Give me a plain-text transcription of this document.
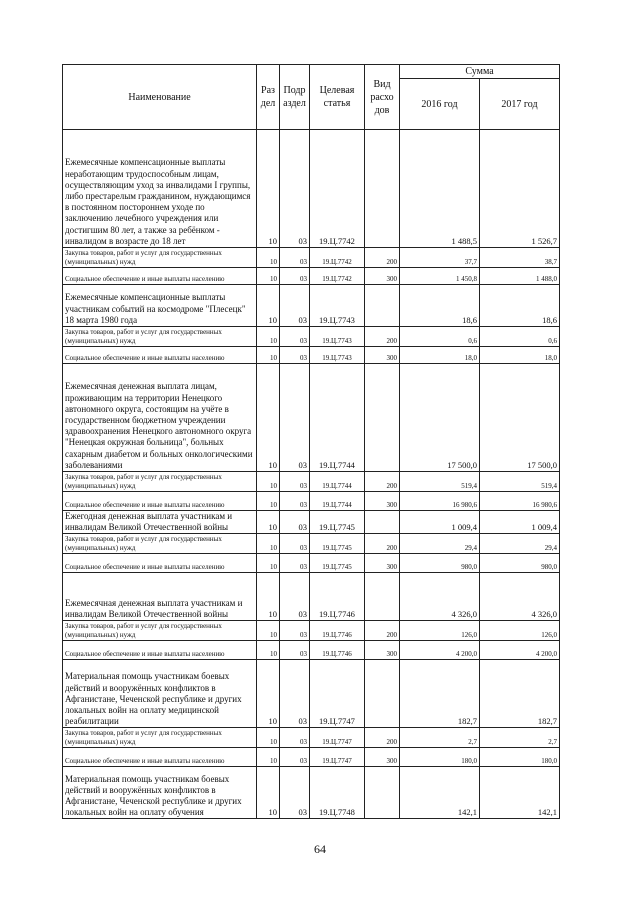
Наименование	Раз дел	Подр аздел	Целевая статья	Вид расхо дов	Сумма	
					2016 год	2017 год
Ежемесячные компенсационные выплаты неработающим трудоспособным лицам, осуществляющим уход за инвалидами I группы, либо престарелым гражданином, нуждающимся в постоянном постороннем уходе по заключению лечебного учреждения или достигшим 80 лет, а также за ребёнком - инвалидом в возрасте до 18 лет	10	03	19.Ц.7742		1 488,5	1 526,7
Закупка товаров, работ и услуг для государственных (муниципальных) нужд	10	03	19.Ц.7742	200	37,7	38,7
Социальное обеспечение и иные выплаты населению	10	03	19.Ц.7742	300	1 450,8	1 488,0
Ежемесячные компенсационные выплаты участникам событий на космодроме "Плесецк" 18 марта 1980 года	10	03	19.Ц.7743		18,6	18,6
Закупка товаров, работ и услуг для государственных (муниципальных) нужд	10	03	19.Ц.7743	200	0,6	0,6
Социальное обеспечение и иные выплаты населению	10	03	19.Ц.7743	300	18,0	18,0
Ежемесячная денежная выплата лицам, проживающим на территории Ненецкого автономного округа, состоящим на учёте в государственном бюджетном учреждении здравоохранения Ненецкого автономного округа "Ненецкая окружная больница", больных сахарным диабетом и больных онкологическими заболеваниями	10	03	19.Ц.7744		17 500,0	17 500,0
Закупка товаров, работ и услуг для государственных (муниципальных) нужд	10	03	19.Ц.7744	200	519,4	519,4
Социальное обеспечение и иные выплаты населению	10	03	19.Ц.7744	300	16 980,6	16 980,6
Ежегодная денежная выплата участникам и инвалидам Великой Отечественной войны	10	03	19.Ц.7745		1 009,4	1 009,4
Закупка товаров, работ и услуг для государственных (муниципальных) нужд	10	03	19.Ц.7745	200	29,4	29,4
Социальное обеспечение и иные выплаты населению	10	03	19.Ц.7745	300	980,0	980,0
Ежемесячная денежная выплата участникам и инвалидам Великой Отечественной войны	10	03	19.Ц.7746		4 326,0	4 326,0
Закупка товаров, работ и услуг для государственных (муниципальных) нужд	10	03	19.Ц.7746	200	126,0	126,0
Социальное обеспечение и иные выплаты населению	10	03	19.Ц.7746	300	4 200,0	4 200,0
Материальная помощь участникам боевых действий и вооружённых конфликтов в Афганистане, Чеченской республике и других локальных войн на оплату медицинской реабилитации	10	03	19.Ц.7747		182,7	182,7
Закупка товаров, работ и услуг для государственных (муниципальных) нужд	10	03	19.Ц.7747	200	2,7	2,7
Социальное обеспечение и иные выплаты населению	10	03	19.Ц.7747	300	180,0	180,0
Материальная помощь участникам боевых действий и вооружённых конфликтов в Афганистане, Чеченской республике и других локальных войн на оплату обучения	10	03	19.Ц.7748		142,1	142,1
64
